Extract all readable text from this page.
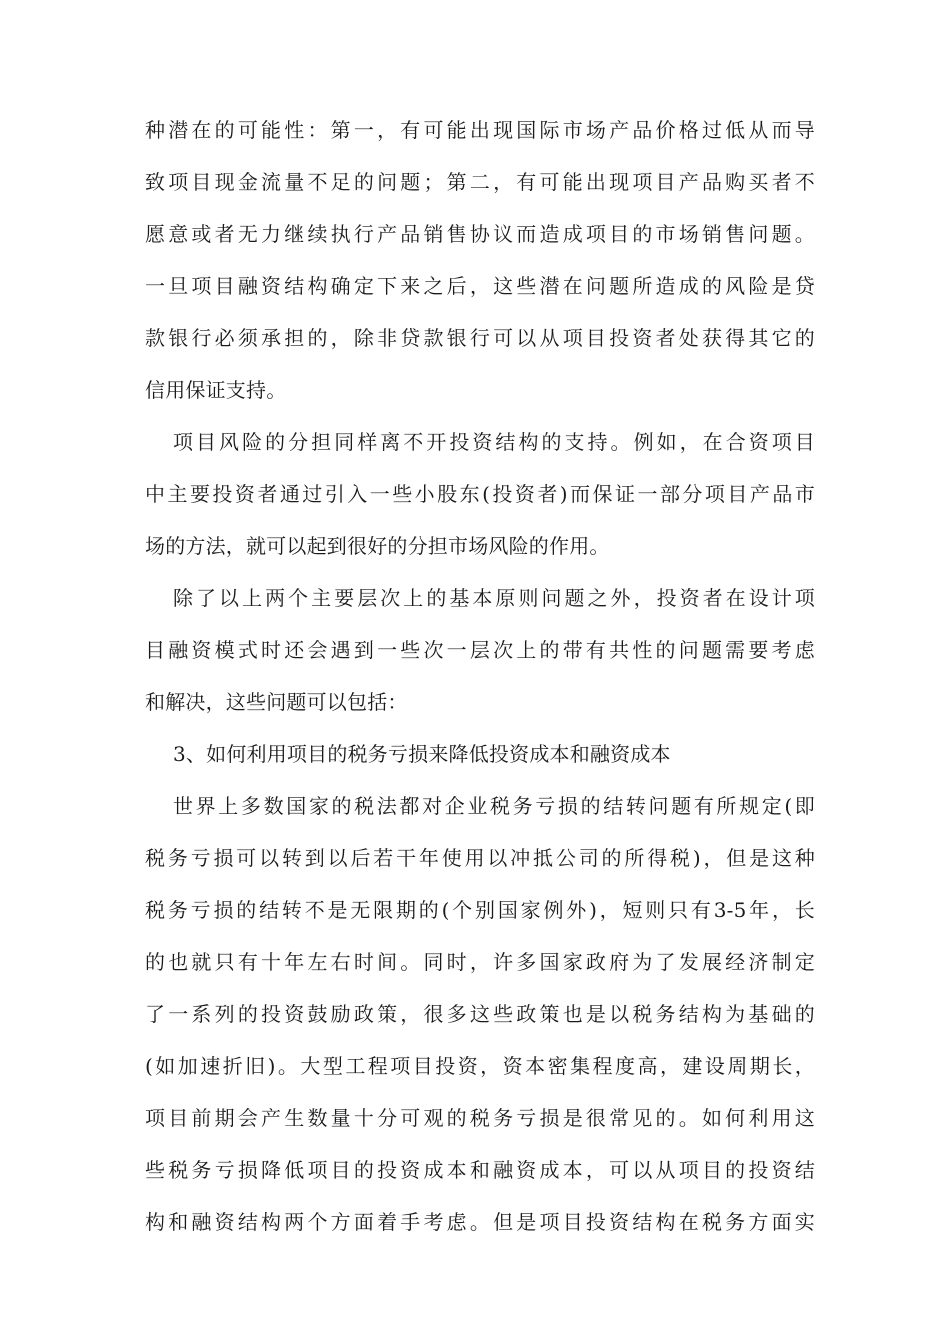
种潜在的可能性：第一，有可能出现国际市场产品价格过低从而导
致项目现金流量不足的问题；第二，有可能出现项目产品购买者不
愿意或者无力继续执行产品销售协议而造成项目的市场销售问题。
一旦项目融资结构确定下来之后，这些潜在问题所造成的风险是贷
款银行必须承担的，除非贷款银行可以从项目投资者处获得其它的
信用保证支持。
项目风险的分担同样离不开投资结构的支持。例如，在合资项目
中主要投资者通过引入一些小股东(投资者)而保证一部分项目产品市
场的方法，就可以起到很好的分担市场风险的作用。
除了以上两个主要层次上的基本原则问题之外，投资者在设计项
目融资模式时还会遇到一些次一层次上的带有共性的问题需要考虑
和解决，这些问题可以包括：
3、如何利用项目的税务亏损来降低投资成本和融资成本
世界上多数国家的税法都对企业税务亏损的结转问题有所规定(即
税务亏损可以转到以后若干年使用以冲抵公司的所得税)，但是这种
税务亏损的结转不是无限期的(个别国家例外)，短则只有3-5年，长
的也就只有十年左右时间。同时，许多国家政府为了发展经济制定
了一系列的投资鼓励政策，很多这些政策也是以税务结构为基础的
(如加速折旧)。大型工程项目投资，资本密集程度高，建设周期长，
项目前期会产生数量十分可观的税务亏损是很常见的。如何利用这
些税务亏损降低项目的投资成本和融资成本，可以从项目的投资结
构和融资结构两个方面着手考虑。但是项目投资结构在税务方面实
